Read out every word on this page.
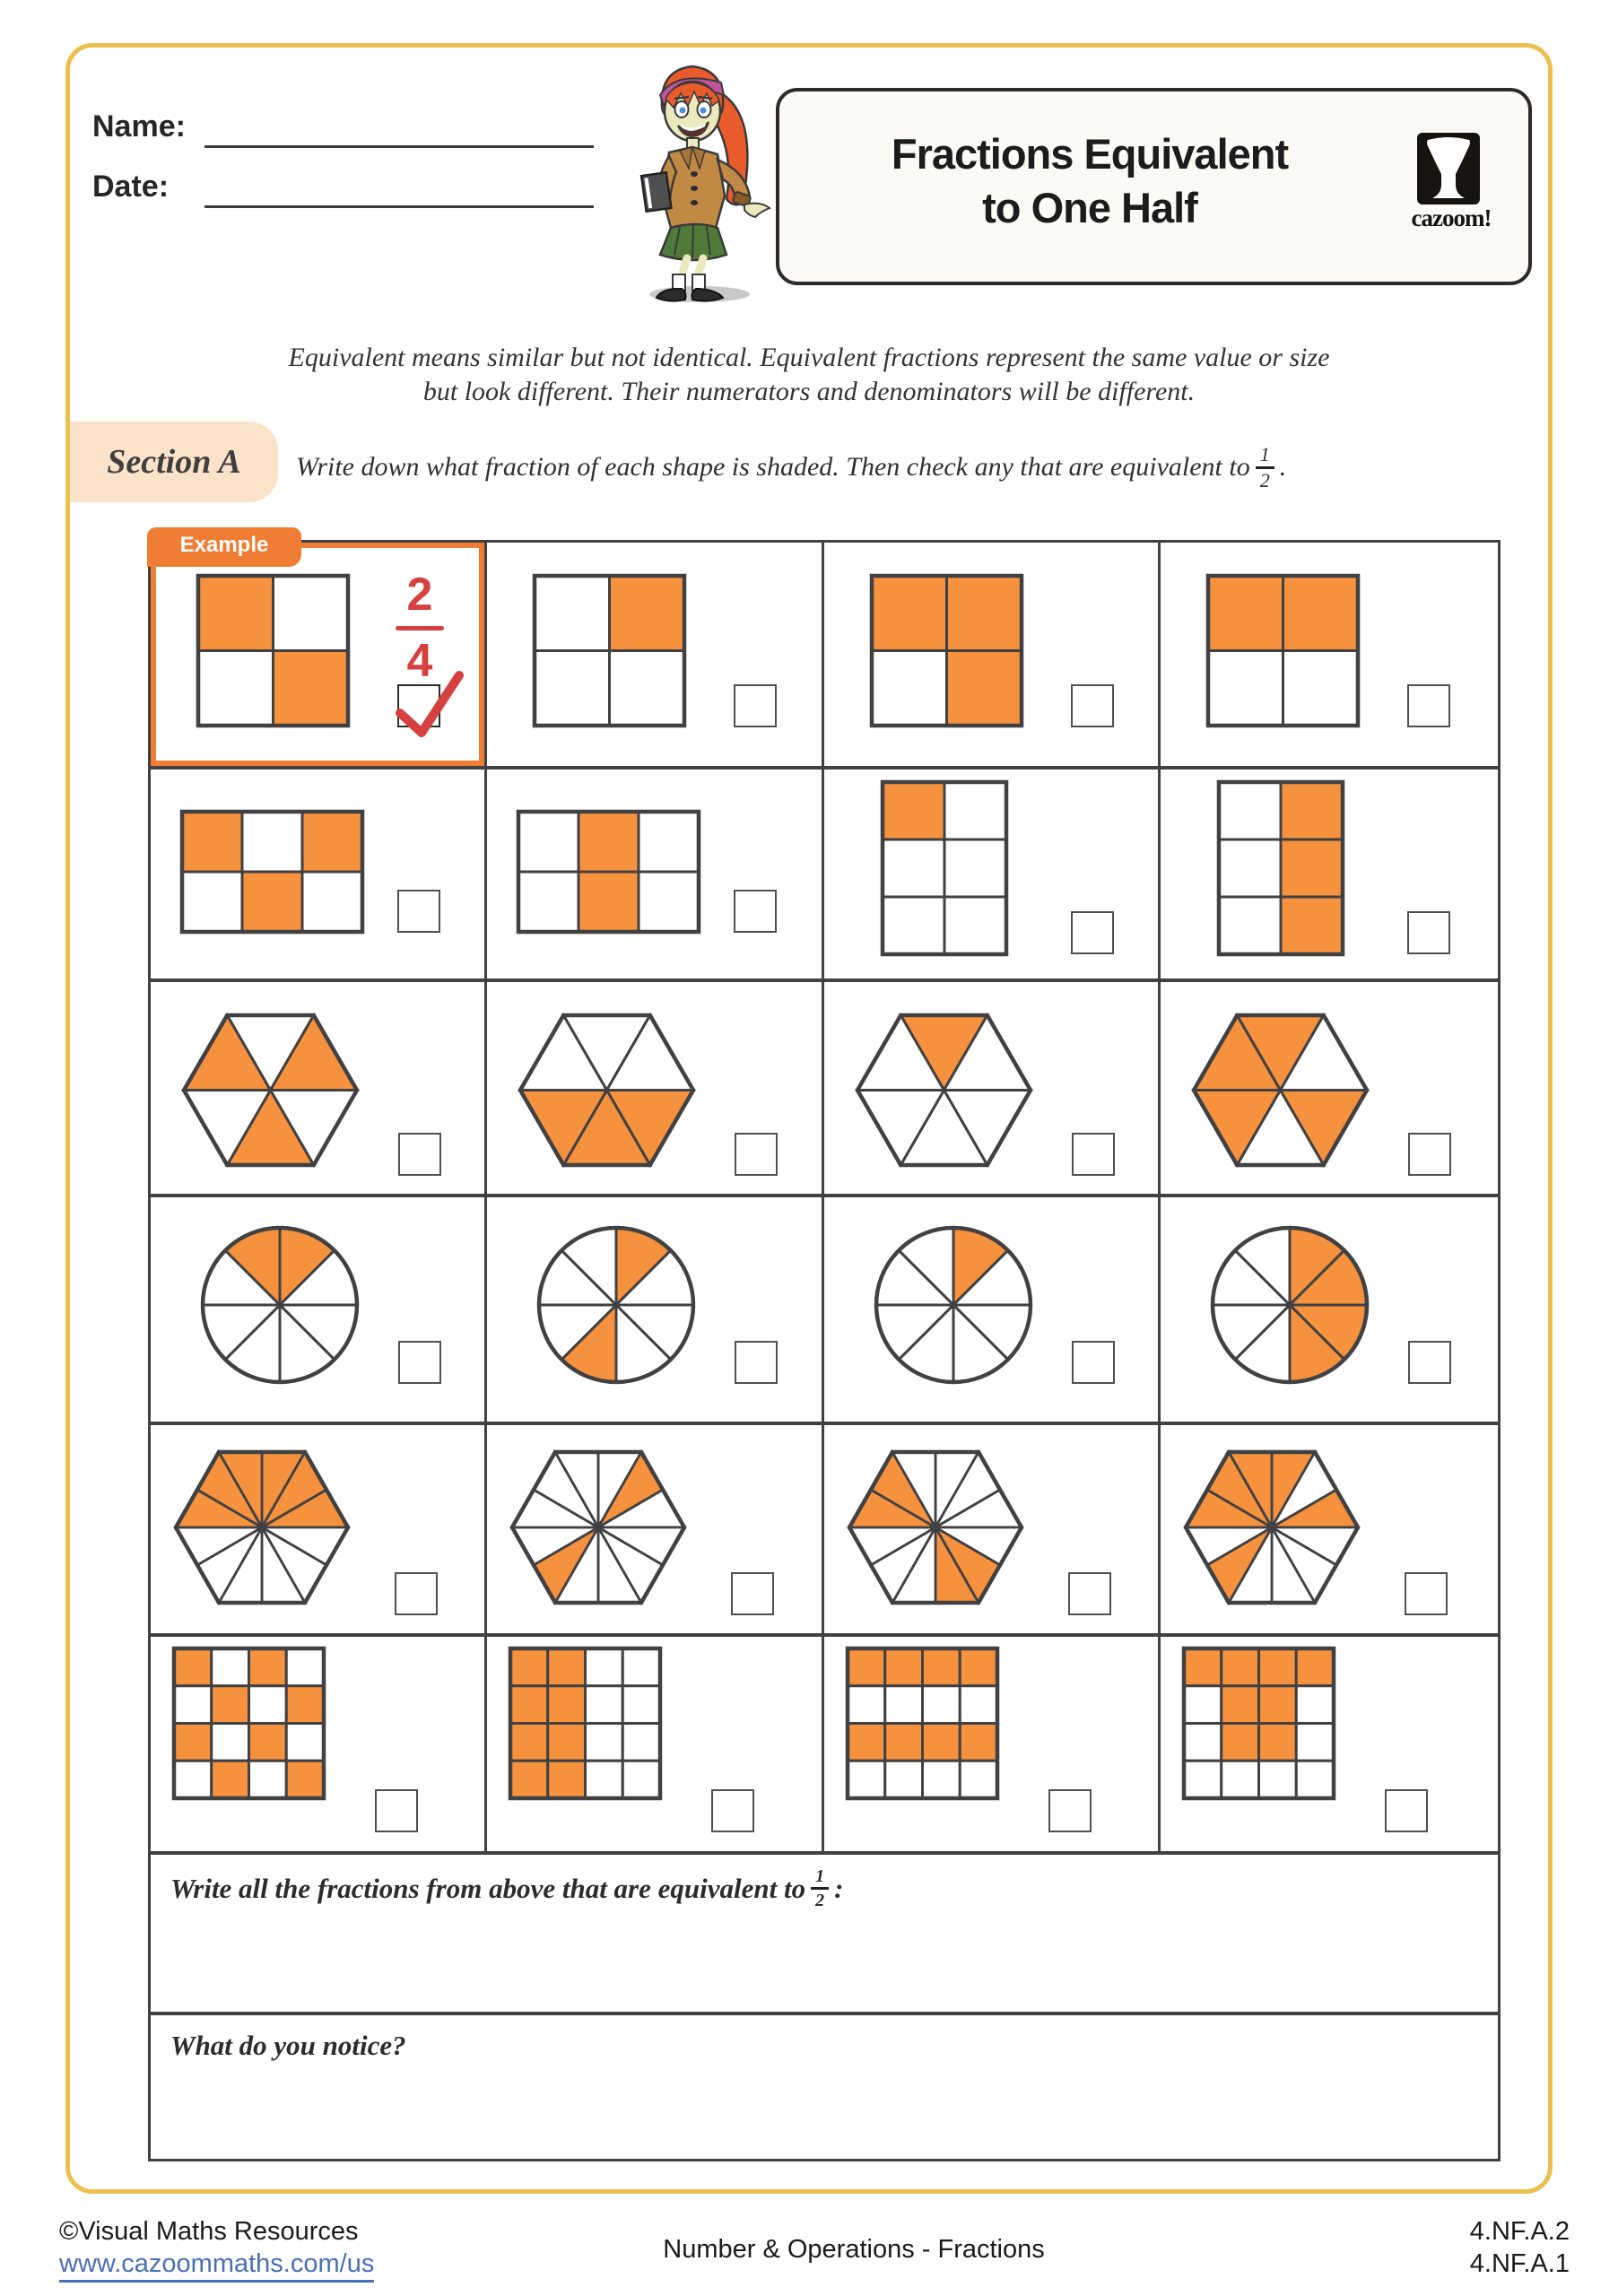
Name:
Date:
Fractions Equivalent
to One Half	cazoom!
Equivalent means similar but not identical. Equivalent fractions represent the same value or size
but look different. Their numerators and denominators will be different.
Section A	Write down what fraction of each shape is shaded. Then check any that are equivalent to $\frac{1}{2}$ .
Example
2
4
Write all the fractions from above that are equivalent to $\frac{1}{2}$ :
What do you notice?
©Visual Maths Resources
www.cazoommaths.com/us	Number & Operations - Fractions
4.NF.A.2
4.NF.A.1
